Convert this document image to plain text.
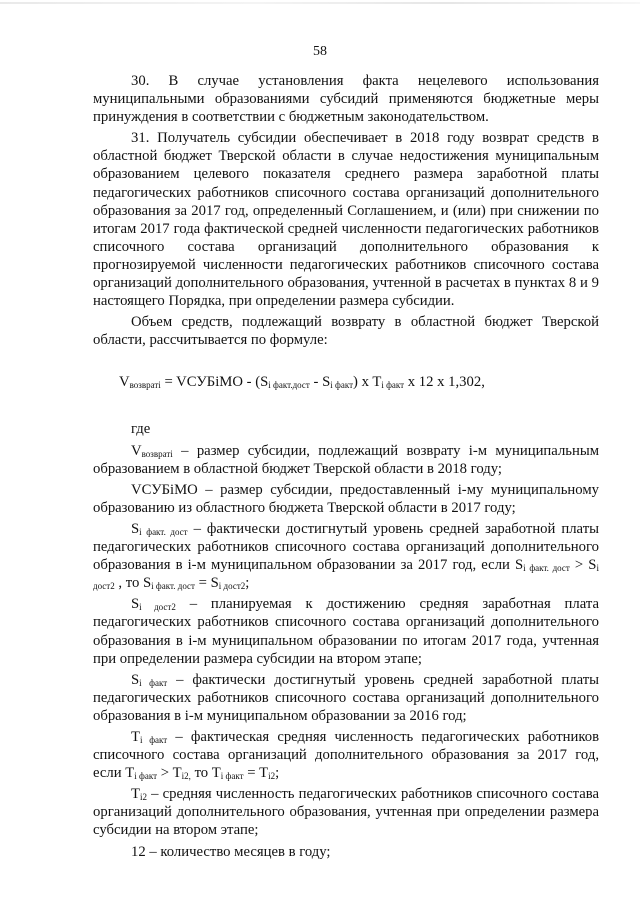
58

30. В случае установления факта нецелевого использования муниципальными образованиями субсидий применяются бюджетные меры принуждения в соответствии с бюджетным законодательством.

31. Получатель субсидии обеспечивает в 2018 году возврат средств в областной бюджет Тверской области в случае недостижения муниципальным образованием целевого показателя среднего размера заработной платы педагогических работников списочного состава организаций дополнительного образования за 2017 год, определенный Соглашением, и (или) при снижении по итогам 2017 года фактической средней численности педагогических работников списочного состава организаций дополнительного образования к прогнозируемой численности педагогических работников списочного состава организаций дополнительного образования, учтенной в расчетах в пунктах 8 и 9 настоящего Порядка, при определении размера субсидии.

Объем средств, подлежащий возврату в областной бюджет Тверской области, рассчитывается по формуле:

$V_{возвратi}$ = VСУБiМО - $(S_{i факт.дост} - S_{i факт})$ x $T_{i факт}$ x 12 x 1,302,

где

$V_{возвратi}$ – размер субсидии, подлежащий возврату i-м муниципальным образованием в областной бюджет Тверской области в 2018 году;

VСУБiМО – размер субсидии, предоставленный i-му муниципальному образованию из областного бюджета Тверской области в 2017 году;

$S_{i факт. дост}$ – фактически достигнутый уровень средней заработной платы педагогических работников списочного состава организаций дополнительного образования в i-м муниципальном образовании за 2017 год, если $S_{i факт. дост} > S_{i дост2}$ , то $S_{i факт. дост} = S_{i дост2}$;

$S_{i дост2}$ – планируемая к достижению средняя заработная плата педагогических работников списочного состава организаций дополнительного образования в i-м муниципальном образовании по итогам 2017 года, учтенная при определении размера субсидии на втором этапе;

$S_{i факт}$ – фактически достигнутый уровень средней заработной платы педагогических работников списочного состава организаций дополнительного образования в i-м муниципальном образовании за 2016 год;

$T_{i факт}$ – фактическая средняя численность педагогических работников списочного состава организаций дополнительного образования за 2017 год, если $T_{i факт} > T_{i2,}$ то $T_{i факт} = T_{i2}$;

$T_{i2}$ – средняя численность педагогических работников списочного состава организаций дополнительного образования, учтенная при определении размера субсидии на втором этапе;

12 – количество месяцев в году;
